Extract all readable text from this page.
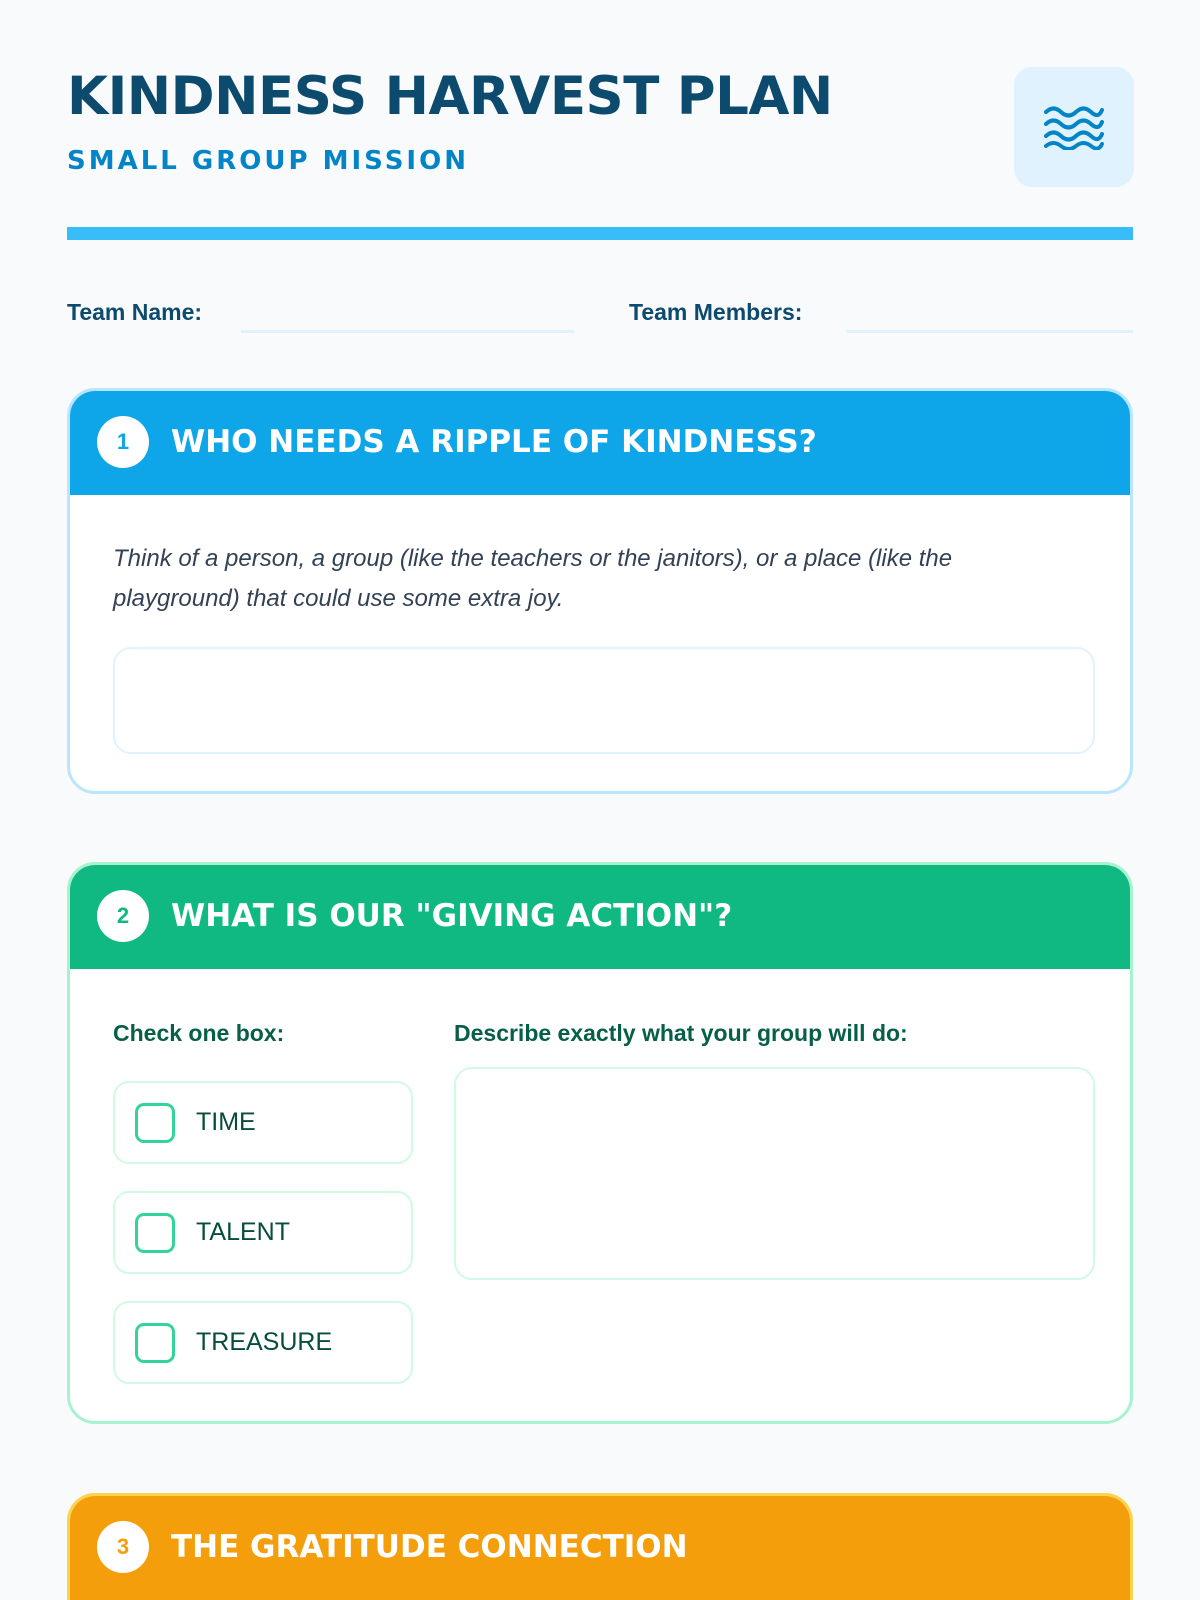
KINDNESS HARVEST PLAN
SMALL GROUP MISSION
Team Name:	Team Members:
1	WHO NEEDS A RIPPLE OF KINDNESS?
Think of a person, a group (like the teachers or the janitors), or a place (like the playground) that could use some extra joy.
2	WHAT IS OUR "GIVING ACTION"?
Check one box:	Describe exactly what your group will do:
TIME
TALENT
TREASURE
3	THE GRATITUDE CONNECTION
